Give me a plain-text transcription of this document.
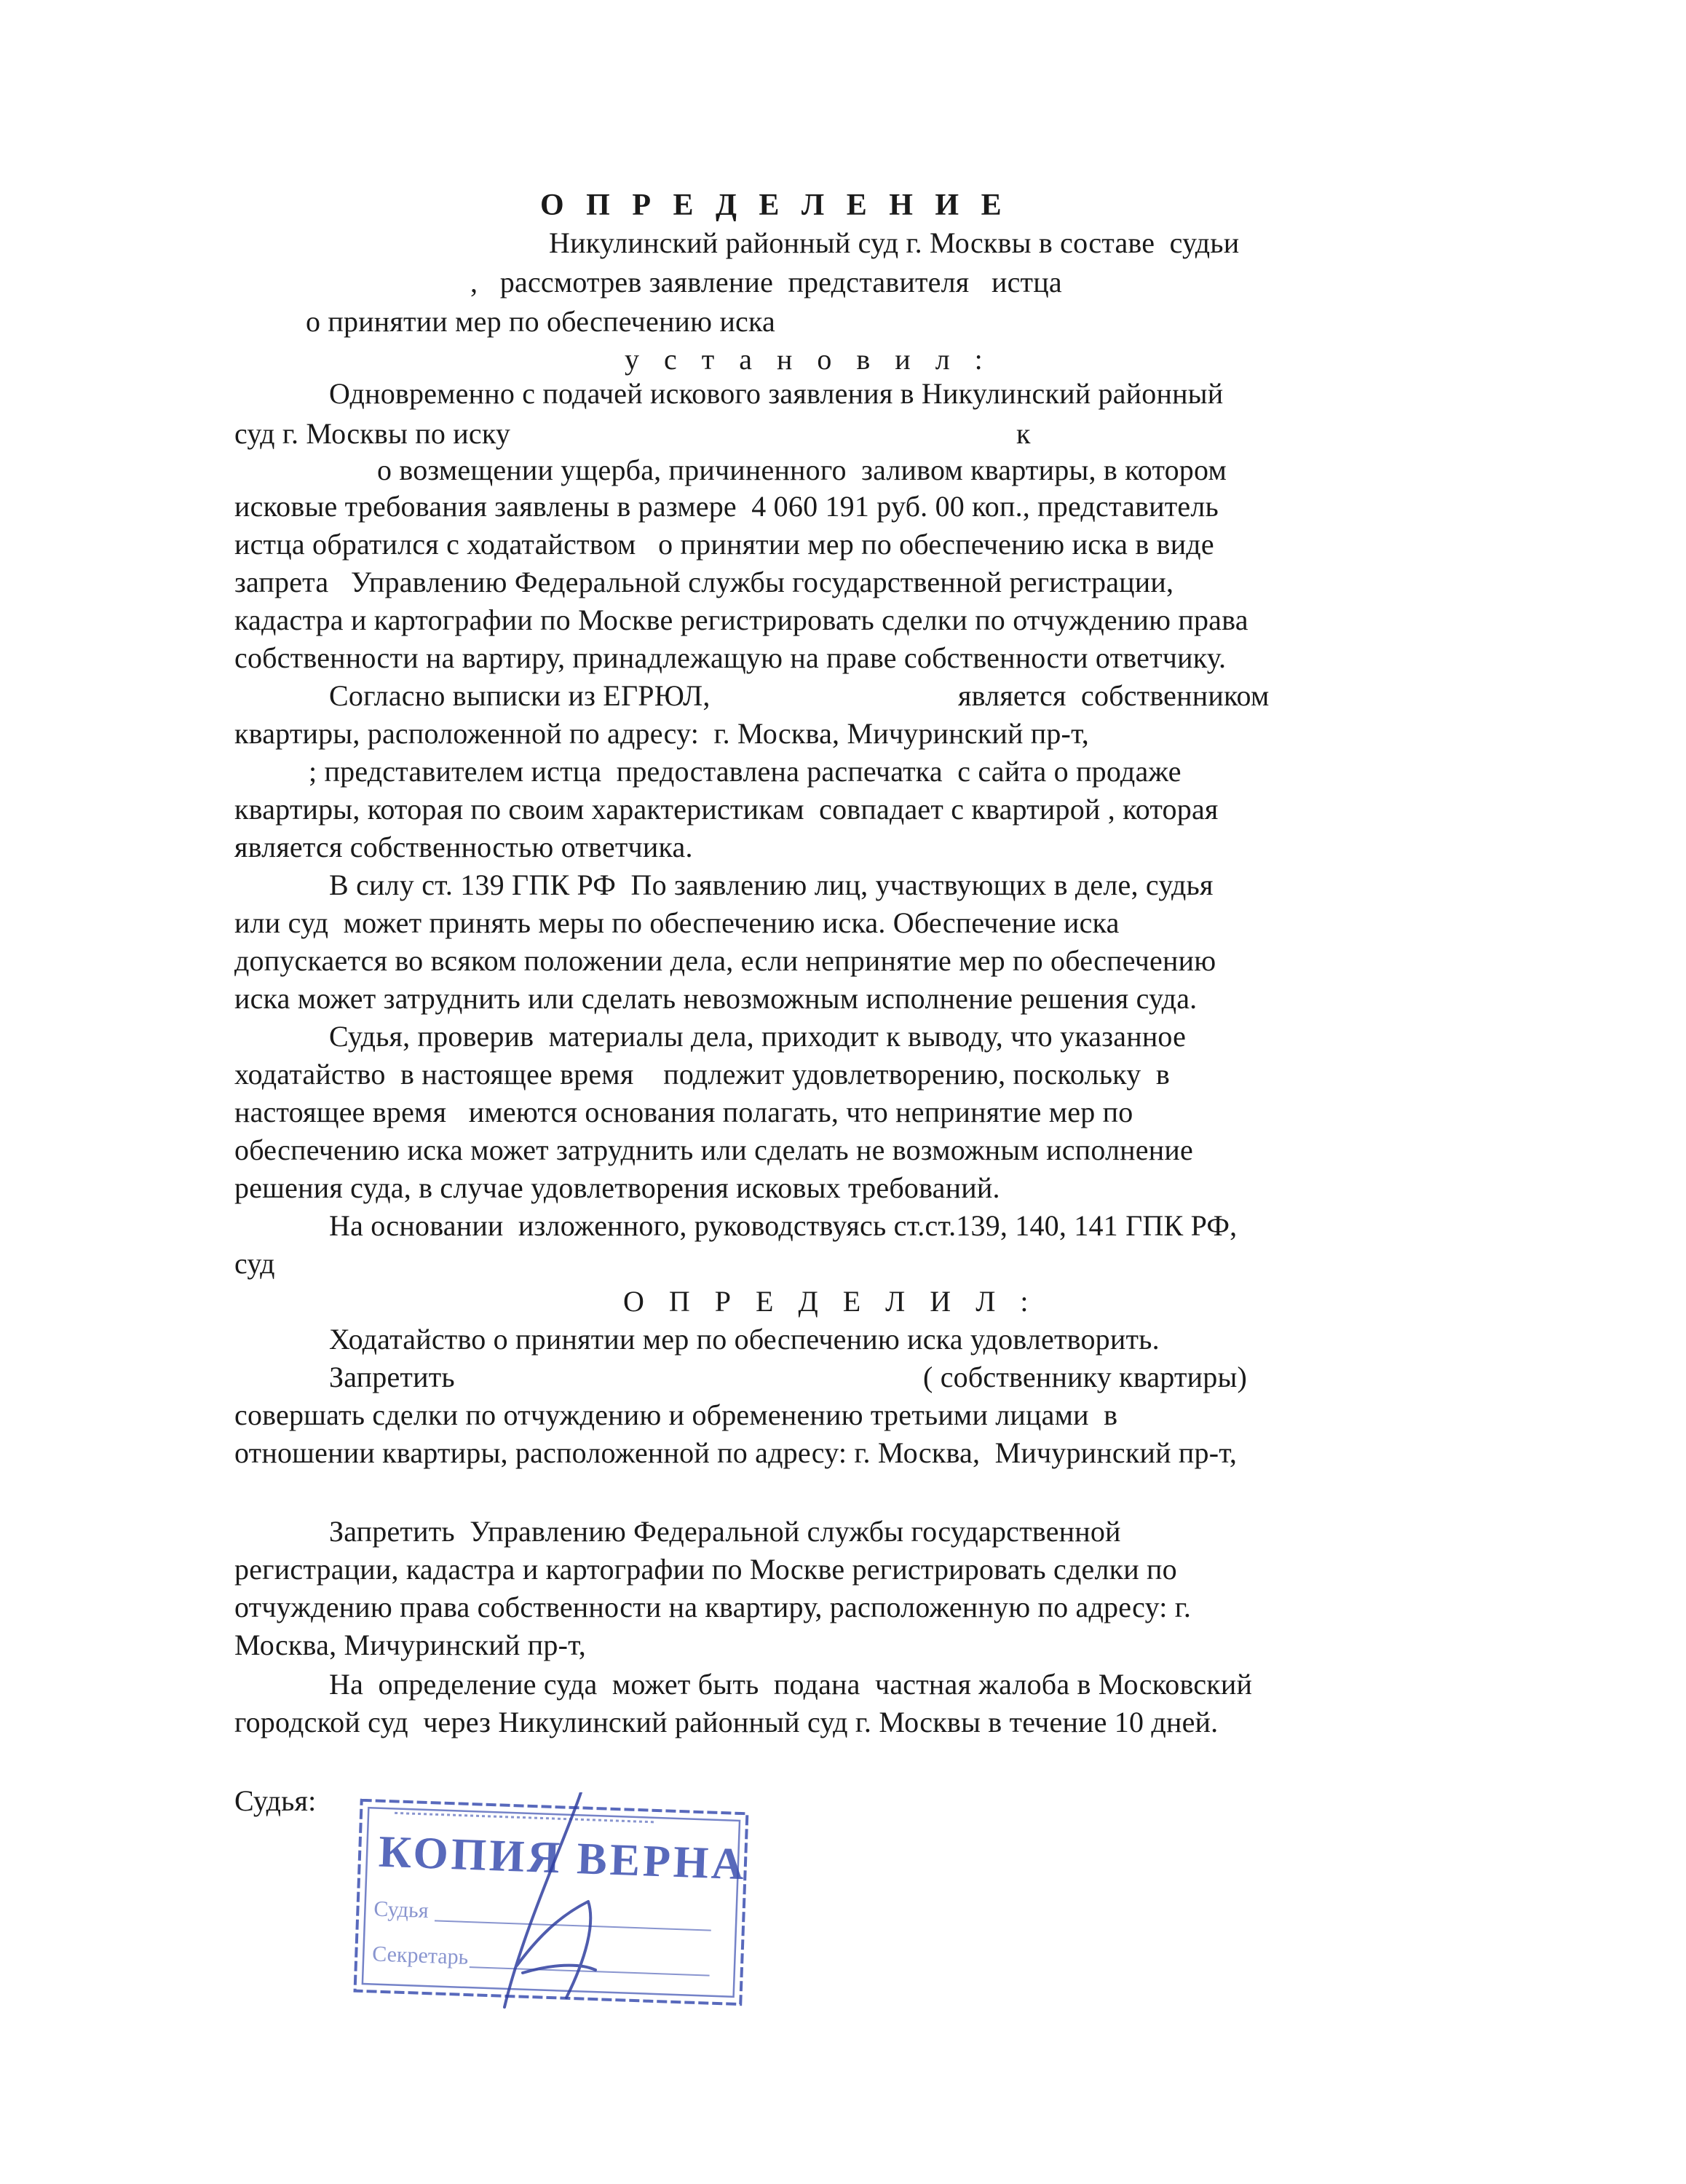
О П Р Е Д Е Л Е Н И Е
Никулинский районный суд г. Москвы в составе  судьи
,   рассмотрев заявление  представителя   истца
о принятии мер по обеспечению иска
у с т а н о в и л :
Одновременно с подачей искового заявления в Никулинский районный
суд г. Москвы по иску	к
о возмещении ущерба, причиненного  заливом квартиры, в котором
исковые требования заявлены в размере  4 060 191 руб. 00 коп., представитель
истца обратился с ходатайством   о принятии мер по обеспечению иска в виде
запрета   Управлению Федеральной службы государственной регистрации,
кадастра и картографии по Москве регистрировать сделки по отчуждению права
собственности на вартиру, принадлежащую на праве собственности ответчику.
Согласно выписки из ЕГРЮЛ,	является  собственником
квартиры, расположенной по адресу:  г. Москва, Мичуринский пр-т,
; представителем истца  предоставлена распечатка  с сайта о продаже
квартиры, которая по своим характеристикам  совпадает с квартирой , которая
является собственностью ответчика.
В силу ст. 139 ГПК РФ  По заявлению лиц, участвующих в деле, судья
или суд  может принять меры по обеспечению иска. Обеспечение иска
допускается во всяком положении дела, если непринятие мер по обеспечению
иска может затруднить или сделать невозможным исполнение решения суда.
Судья, проверив  материалы дела, приходит к выводу, что указанное
ходатайство  в настоящее время    подлежит удовлетворению, поскольку  в
настоящее время   имеются основания полагать, что непринятие мер по
обеспечению иска может затруднить или сделать не возможным исполнение
решения суда, в случае удовлетворения исковых требований.
На основании  изложенного, руководствуясь ст.ст.139, 140, 141 ГПК РФ,
суд
О П Р Е Д Е Л И Л :
Ходатайство о принятии мер по обеспечению иска удовлетворить.
Запретить	( собственнику квартиры)
совершать сделки по отчуждению и обременению третьими лицами  в
отношении квартиры, расположенной по адресу: г. Москва,  Мичуринский пр-т,
Запретить  Управлению Федеральной службы государственной
регистрации, кадастра и картографии по Москве регистрировать сделки по
отчуждению права собственности на квартиру, расположенную по адресу: г.
Москва, Мичуринский пр-т,
На  определение суда  может быть  подана  частная жалоба в Московский
городской суд  через Никулинский районный суд г. Москвы в течение 10 дней.
Судья:
КОПИЯ ВЕРНА
Судья
Секретарь
